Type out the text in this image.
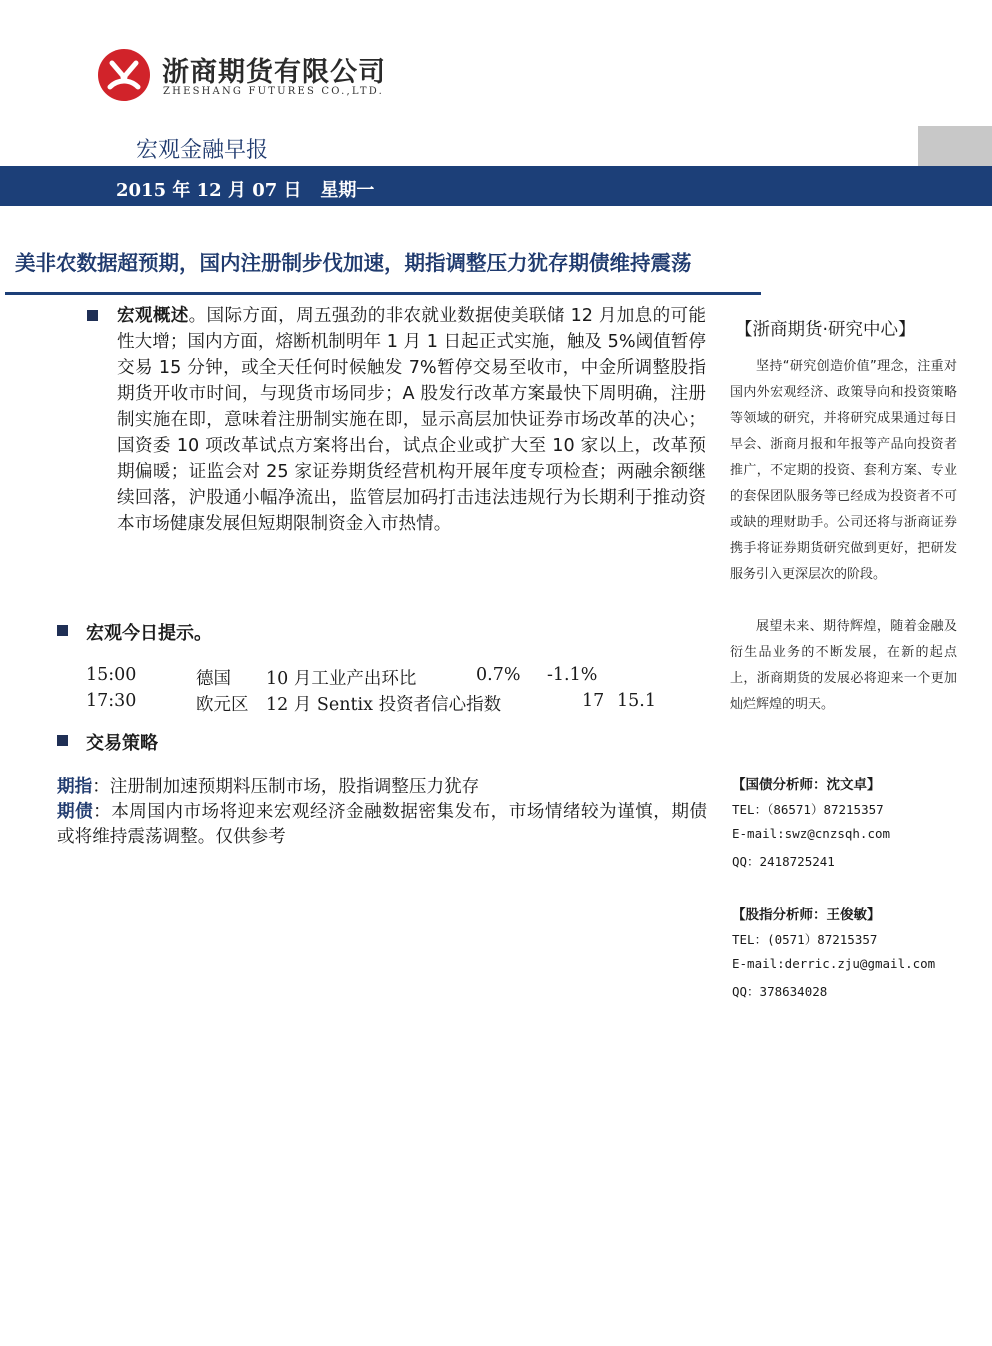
浙商期货有限公司
ZHESHANG FUTURES CO.,LTD.
宏观金融早报
2015 年 12 月 07 日 星期一
美非农数据超预期，国内注册制步伐加速，期指调整压力犹存期债维持震荡
宏观概述。国际方面，周五强劲的非农就业数据使美联储 12 月加息的可能性大增；国内方面，熔断机制明年 1 月 1 日起正式实施，触及 5%阈值暂停交易 15 分钟，或全天任何时候触发 7%暂停交易至收市，中金所调整股指期货开收市时间，与现货市场同步；A 股发行改革方案最快下周明确，注册制实施在即，意味着注册制实施在即，显示高层加快证券市场改革的决心；国资委 10 项改革试点方案将出台，试点企业或扩大至 10 家以上，改革预期偏暖；证监会对 25 家证券期货经营机构开展年度专项检查；两融余额继续回落，沪股通小幅净流出，监管层加码打击违法违规行为长期利于推动资本市场健康发展但短期限制资金入市热情。
宏观今日提示。
15:00	德国 10 月工业产出环比	0.7% -1.1%
17:30	欧元区 12 月 Sentix 投资者信心指数	17 15.1
交易策略
期指：注册制加速预期料压制市场，股指调整压力犹存
期债：本周国内市场将迎来宏观经济金融数据密集发布，市场情绪较为谨慎，期债或将维持震荡调整。仅供参考
【浙商期货·研究中心】
坚持“研究创造价值”理念，注重对国内外宏观经济、政策导向和投资策略等领域的研究，并将研究成果通过每日早会、浙商月报和年报等产品向投资者推广，不定期的投资、套利方案、专业的套保团队服务等已经成为投资者不可或缺的理财助手。公司还将与浙商证券携手将证券期货研究做到更好，把研发服务引入更深层次的阶段。
展望未来、期待辉煌，随着金融及衍生品业务的不断发展，在新的起点上，浙商期货的发展必将迎来一个更加灿烂辉煌的明天。
【国债分析师：沈文卓】
TEL：（86571）87215357
E-mail:swz@cnzsqh.com
QQ：2418725241
【股指分析师：王俊敏】
TEL：(0571）87215357
E-mail:derric.zju@gmail.com
QQ：378634028
